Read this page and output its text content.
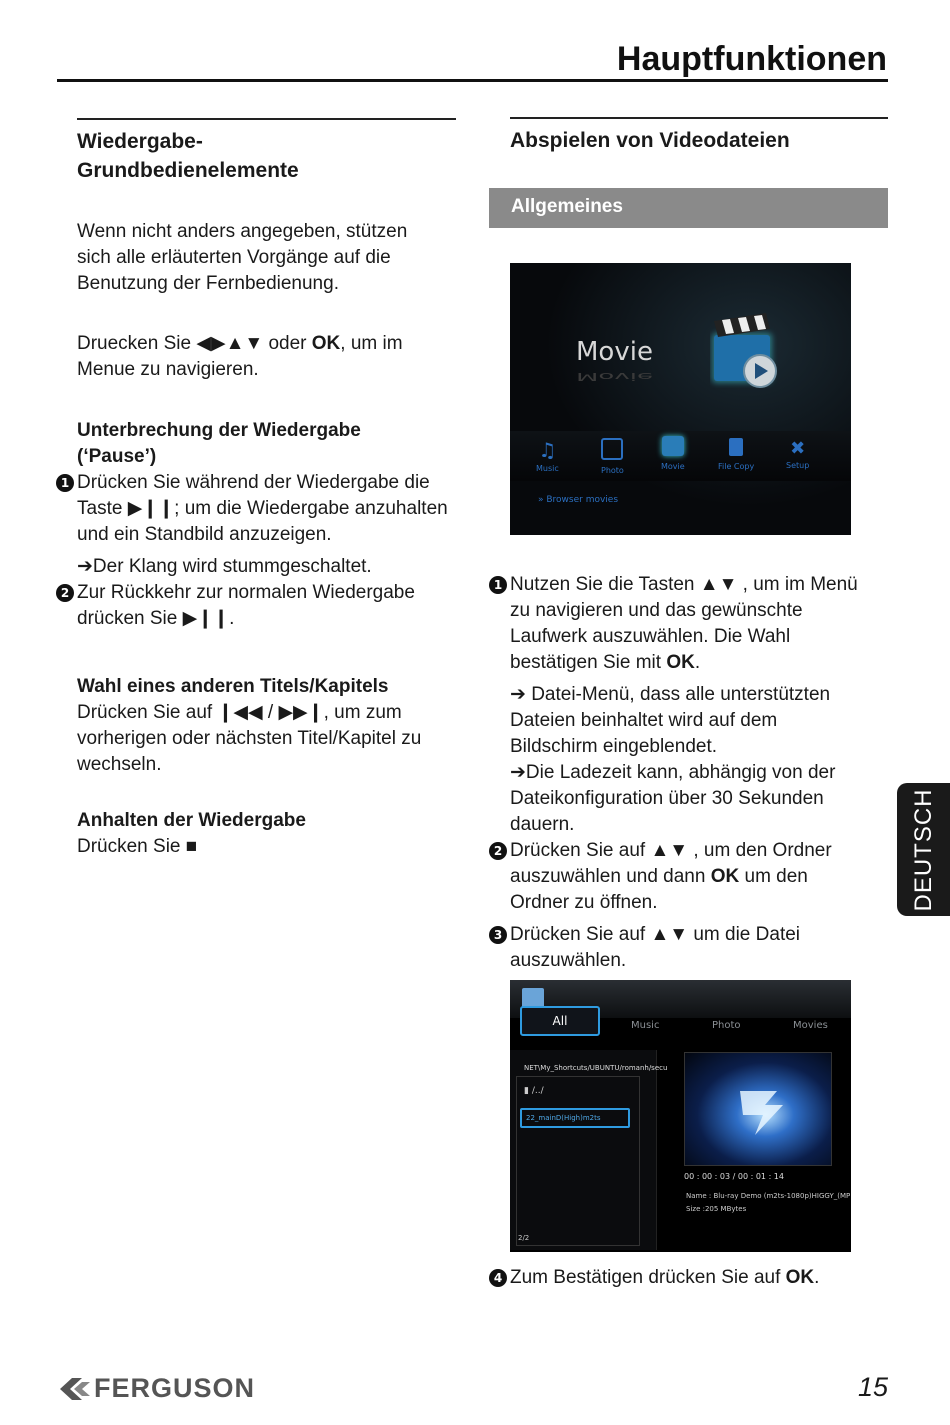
Hauptfunktionen
Wiedergabe-
Grundbedienelemente

Wenn nicht anders angegeben, stützen

sich alle erläuterten Vorgänge auf die

Benutzung der Fernbedienung.

Druecken Sie ◀▶▲▼ oder OK, um im

Menue zu navigieren.

Unterbrechung der Wiedergabe

(‘Pause’)

1 Drücken Sie während der Wiedergabe die

Taste ▶❙❙; um die Wiedergabe anzuhalten

und ein Standbild anzuzeigen.

➔Der Klang wird stummgeschaltet.

2 Zur Rückkehr zur normalen Wiedergabe

drücken Sie ▶❙❙.

Wahl eines anderen Titels/Kapitels

Drücken Sie auf ❙◀◀ / ▶▶❙, um zum

vorherigen oder nächsten Titel/Kapitel zu

wechseln.

Anhalten der Wiedergabe

Drücken Sie ■

Abspielen von Videodateien
Allgemeines
Movie
Movie
♫
Music	Photo	Movie	File Copy
✖
Setup
» Browser movies
1 Nutzen Sie die Tasten ▲▼ , um im Menü

zu navigieren und das gewünschte

Laufwerk auszuwählen. Die Wahl

bestätigen Sie mit OK.

➔ Datei-Menü, dass alle unterstützten

Dateien beinhaltet wird auf dem

Bildschirm eingeblendet.

➔Die Ladezeit kann, abhängig von der

Dateikonfiguration über 30 Sekunden

dauern.

2 Drücken Sie auf ▲▼ , um den Ordner

auszuwählen und dann OK um den

Ordner zu öffnen.

3 Drücken Sie auf ▲▼ um die Datei

auszuwählen.

All	Music	Photo	Movies
NET\My_Shortcuts/UBUNTU/romanh/secu
▮ /../
22_mainD(High)m2ts
2/2
00 : 00 : 03 / 00 : 01 : 14
Name : Blu-ray Demo (m2ts-1080p)HIGGY_(MP
Size :205 MBytes
4 Zum Bestätigen drücken Sie auf OK.

DEUTSCH
FERGUSON	15
